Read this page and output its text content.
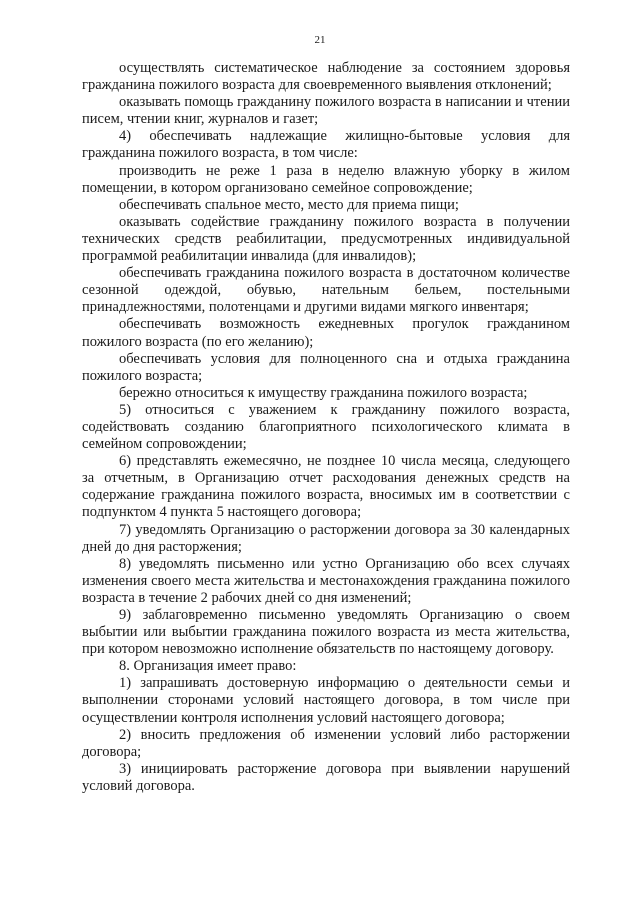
21

осуществлять систематическое наблюдение за состоянием здоровья гражданина пожилого возраста для своевременного выявления отклонений;

оказывать помощь гражданину пожилого возраста в написании и чтении писем, чтении книг, журналов и газет;

4) обеспечивать надлежащие жилищно-бытовые условия для гражданина пожилого возраста, в том числе:

производить не реже 1 раза в неделю влажную уборку в жилом помещении, в котором организовано семейное сопровождение;

обеспечивать спальное место, место для приема пищи;

оказывать содействие гражданину пожилого возраста в получении технических средств реабилитации, предусмотренных индивидуальной программой реабилитации инвалида (для инвалидов);

обеспечивать гражданина пожилого возраста в достаточном количестве сезонной одеждой, обувью, нательным бельем, постельными принадлежностями, полотенцами и другими видами мягкого инвентаря;

обеспечивать возможность ежедневных прогулок гражданином пожилого возраста (по его желанию);

обеспечивать условия для полноценного сна и отдыха гражданина пожилого возраста;

бережно относиться к имуществу гражданина пожилого возраста;

5) относиться с уважением к гражданину пожилого возраста, содействовать созданию благоприятного психологического климата в семейном сопровождении;

6) представлять ежемесячно, не позднее 10 числа месяца, следующего за отчетным, в Организацию отчет расходования денежных средств на содержание гражданина пожилого возраста, вносимых им в соответствии с подпунктом 4 пункта 5 настоящего договора;

7) уведомлять Организацию о расторжении договора за 30 календарных дней до дня расторжения;

8) уведомлять письменно или устно Организацию обо всех случаях изменения своего места жительства и местонахождения гражданина пожилого возраста в течение 2 рабочих дней со дня изменений;

9) заблаговременно письменно уведомлять Организацию о своем выбытии или выбытии гражданина пожилого возраста из места жительства, при котором невозможно исполнение обязательств по настоящему договору.

8. Организация имеет право:

1) запрашивать достоверную информацию о деятельности семьи и выполнении сторонами условий настоящего договора, в том числе при осуществлении контроля исполнения условий настоящего договора;

2) вносить предложения об изменении условий либо расторжении договора;

3) инициировать расторжение договора при выявлении нарушений условий договора.
